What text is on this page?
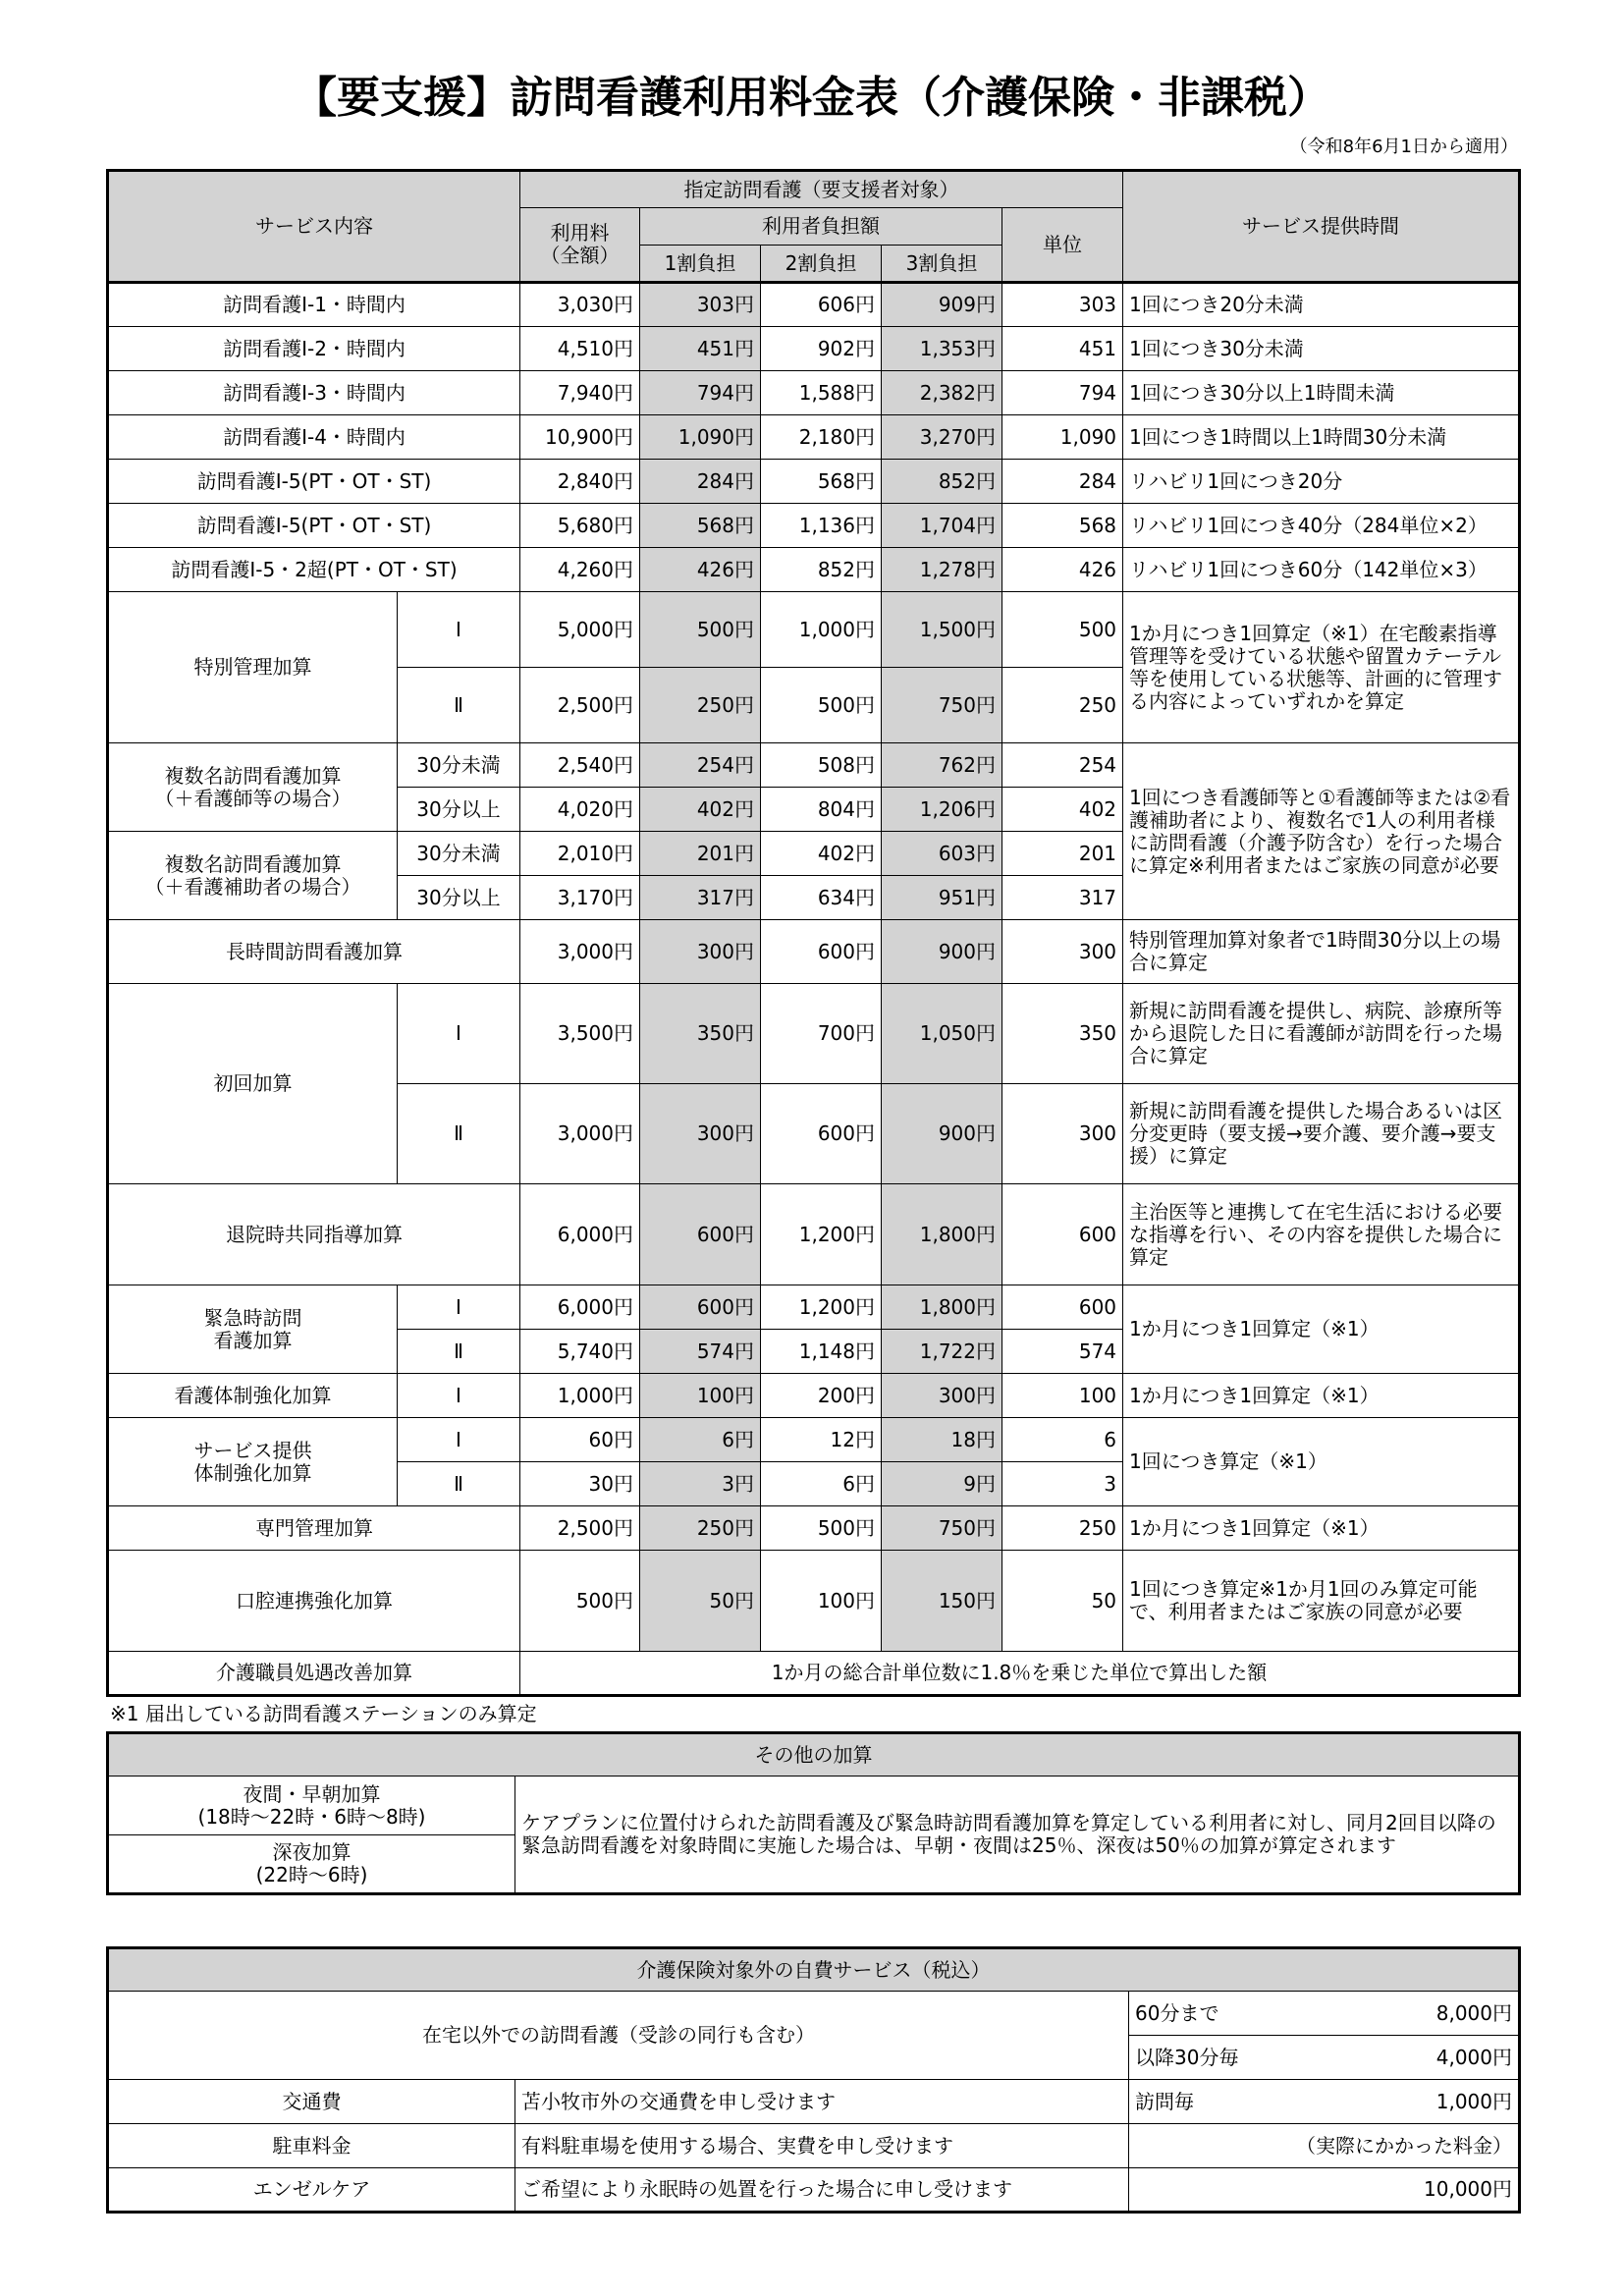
【要支援】訪問看護利用料金表（介護保険・非課税）
（令和8年6月1日から適用）
サービス内容		指定訪問看護（要支援者対象）					サービス提供時間

		利用料
（全額）	利用者負担額			単位	
			1割負担	2割負担	3割負担		
訪問看護Ⅰ-1・時間内		3,030円	303円	606円	909円	303	1回につき20分未満
訪問看護Ⅰ-2・時間内		4,510円	451円	902円	1,353円	451	1回につき30分未満
訪問看護Ⅰ-3・時間内		7,940円	794円	1,588円	2,382円	794	1回につき30分以上1時間未満
訪問看護Ⅰ-4・時間内		10,900円	1,090円	2,180円	3,270円	1,090	1回につき1時間以上1時間30分未満
訪問看護Ⅰ-5(PT・OT・ST)		2,840円	284円	568円	852円	284	リハビリ1回につき20分
訪問看護Ⅰ-5(PT・OT・ST)		5,680円	568円	1,136円	1,704円	568	リハビリ1回につき40分（284単位×2）
訪問看護Ⅰ-5・2超(PT・OT・ST)		4,260円	426円	852円	1,278円	426	リハビリ1回につき60分（142単位×3）
特別管理加算	Ⅰ	5,000円	500円	1,000円	1,500円	500	1か月につき1回算定（※1）在宅酸素指導管理等を受けている状態や留置カテーテル等を使用している状態等、計画的に管理する内容によっていずれかを算定
	Ⅱ	2,500円	250円	500円	750円	250	

複数名訪問看護加算
（＋看護師等の場合）	30分未満	2,540円	254円	508円	762円	254	1回につき看護師等と①看護師等または②看護補助者により、複数名で1人の利用者様に訪問看護（介護予防含む）を行った場合に算定※利用者またはご家族の同意が必要
	30分以上	4,020円	402円	804円	1,206円	402	

複数名訪問看護加算
（＋看護補助者の場合）	30分未満	2,010円	201円	402円	603円	201	
	30分以上	3,170円	317円	634円	951円	317	
長時間訪問看護加算		3,000円	300円	600円	900円	300	特別管理加算対象者で1時間30分以上の場合に算定
初回加算	Ⅰ	3,500円	350円	700円	1,050円	350	新規に訪問看護を提供し、病院、診療所等から退院した日に看護師が訪問を行った場合に算定
	Ⅱ	3,000円	300円	600円	900円	300	新規に訪問看護を提供した場合あるいは区分変更時（要支援→要介護、要介護→要支援）に算定
退院時共同指導加算		6,000円	600円	1,200円	1,800円	600	主治医等と連携して在宅生活における必要な指導を行い、その内容を提供した場合に算定

緊急時訪問
看護加算	Ⅰ	6,000円	600円	1,200円	1,800円	600	1か月につき1回算定（※1）
	Ⅱ	5,740円	574円	1,148円	1,722円	574	
看護体制強化加算	Ⅰ	1,000円	100円	200円	300円	100	1か月につき1回算定（※1）

サービス提供
体制強化加算	Ⅰ	60円	6円	12円	18円	6	1回につき算定（※1）
	Ⅱ	30円	3円	6円	9円	3	
専門管理加算		2,500円	250円	500円	750円	250	1か月につき1回算定（※1）
口腔連携強化加算		500円	50円	100円	150円	50	1回につき算定※1か月1回のみ算定可能で、利用者またはご家族の同意が必要
介護職員処遇改善加算		1か月の総合計単位数に1.8％を乗じた単位で算出した額					
※1 届出している訪問看護ステーションのみ算定
その他の加算

夜間・早朝加算
(18時～22時・6時～8時)	ケアプランに位置付けられた訪問看護及び緊急時訪問看護加算を算定している利用者に対し、同月2回目以降の緊急訪問看護を対象時間に実施した場合は、早朝・夜間は25％、深夜は50％の加算が算定されます

深夜加算
(22時～6時)
介護保険対象外の自費サービス（税込）		
在宅以外での訪問看護（受診の同行も含む）		60分まで 8,000円

		以降30分毎 4,000円

交通費	苫小牧市外の交通費を申し受けます	訪問毎 1,000円

駐車料金	有料駐車場を使用する場合、実費を申し受けます	（実際にかかった料金）
エンゼルケア	ご希望により永眠時の処置を行った場合に申し受けます	10,000円
